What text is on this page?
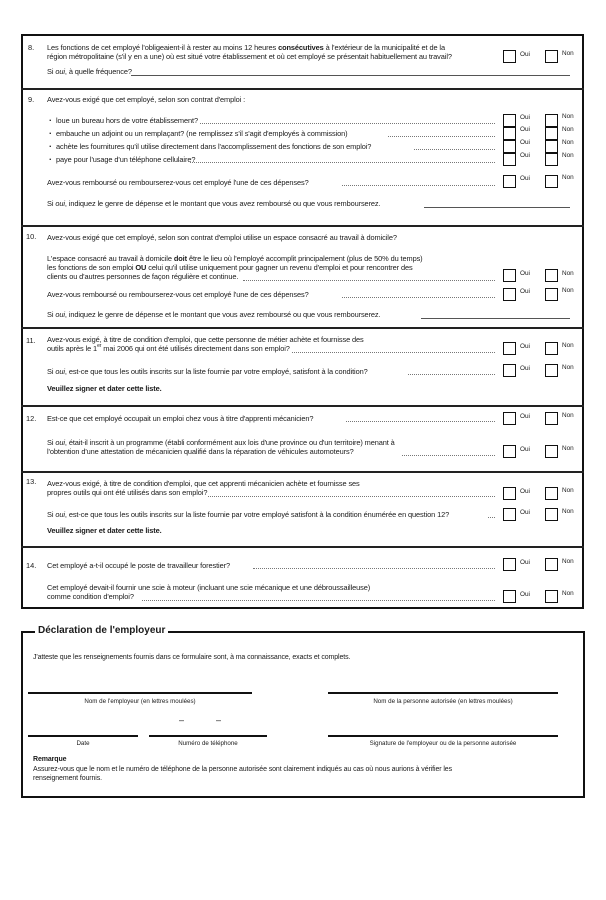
8. Les fonctions de cet employé l'obligeaient-il à rester au moins 12 heures consécutives à l'extérieur de la municipalité et de la
région métropolitaine (s'il y en a une) où est situé votre établissement et où cet employé se présentait habituellement au travail?	Oui	Non
Si oui, à quelle fréquence?
9. Avez-vous exigé que cet employé, selon son contrat d'emploi :
. loue un bureau hors de votre établissement?	Oui	Non
. embauche un adjoint ou un remplaçant? (ne remplissez s'il s'agit d'employés à commission)	Oui	Non
. achète les fournitures qu'il utilise directement dans l'accomplissement des fonctions de son emploi?	Oui	Non
. paye pour l'usage d'un téléphone cellulaire?	Oui	Non
Avez-vous remboursé ou rembourserez-vous cet employé l'une de ces dépenses?	Oui	Non
Si oui, indiquez le genre de dépense et le montant que vous avez remboursé ou que vous rembourserez.
10. Avez-vous exigé que cet employé, selon son contrat d'emploi utilise un espace consacré au travail à domicile?
L'espace consacré au travail à domicile doit être le lieu où l'employé accomplit principalement (plus de 50% du temps)
les fonctions de son emploi OU celui qu'il utilise uniquement pour gagner un revenu d'emploi et pour rencontrer des
clients ou d'autres personnes de façon régulière et continue.	Oui	Non
Avez-vous remboursé ou rembourserez-vous cet employé l'une de ces dépenses?	Oui	Non
Si oui, indiquez le genre de dépense et le montant que vous avez remboursé ou que vous rembourserez.
11. Avez-vous exigé, à titre de condition d'emploi, que cette personne de métier achète et fournisse des
outils après le 1er mai 2006 qui ont été utilisés directement dans son emploi?	Oui	Non
Si oui, est-ce que tous les outils inscrits sur la liste fournie par votre employé, satisfont à la condition?	Oui	Non
Veuillez signer et dater cette liste.
12. Est-ce que cet employé occupait un emploi chez vous à titre d'apprenti mécanicien?	Oui	Non
Si oui, était-il inscrit à un programme (établi conformément aux lois d'une province ou d'un territoire) menant à
l'obtention d'une attestation de mécanicien qualifié dans la réparation de véhicules automoteurs?	Oui	Non
13. Avez-vous exigé, à titre de condition d'emploi, que cet apprenti mécanicien achète et fournisse ses
propres outils qui ont été utilisés dans son emploi?	Oui	Non
Si oui, est-ce que tous les outils inscrits sur la liste fournie par votre employé satisfont à la condition énumérée en question 12?	Oui	Non
Veuillez signer et dater cette liste.
14. Cet employé a-t-il occupé le poste de travailleur forestier?	Oui	Non
Cet employé devait-il fournir une scie à moteur (incluant une scie mécanique et une débroussailleuse)
comme condition d'emploi?	Oui	Non
Déclaration de l'employeur
J'atteste que les renseignements fournis dans ce formulaire sont, à ma connaissance, exacts et complets.
Nom de l'employeur (en lettres moulées)	Nom de la personne autorisée (en lettres moulées)
–	–
Date	Numéro de téléphone	Signature de l'employeur ou de la personne autorisée
Remarque
Assurez-vous que le nom et le numéro de téléphone de la personne autorisée sont clairement indiqués au cas où nous aurions à vérifier les
renseignement fournis.
